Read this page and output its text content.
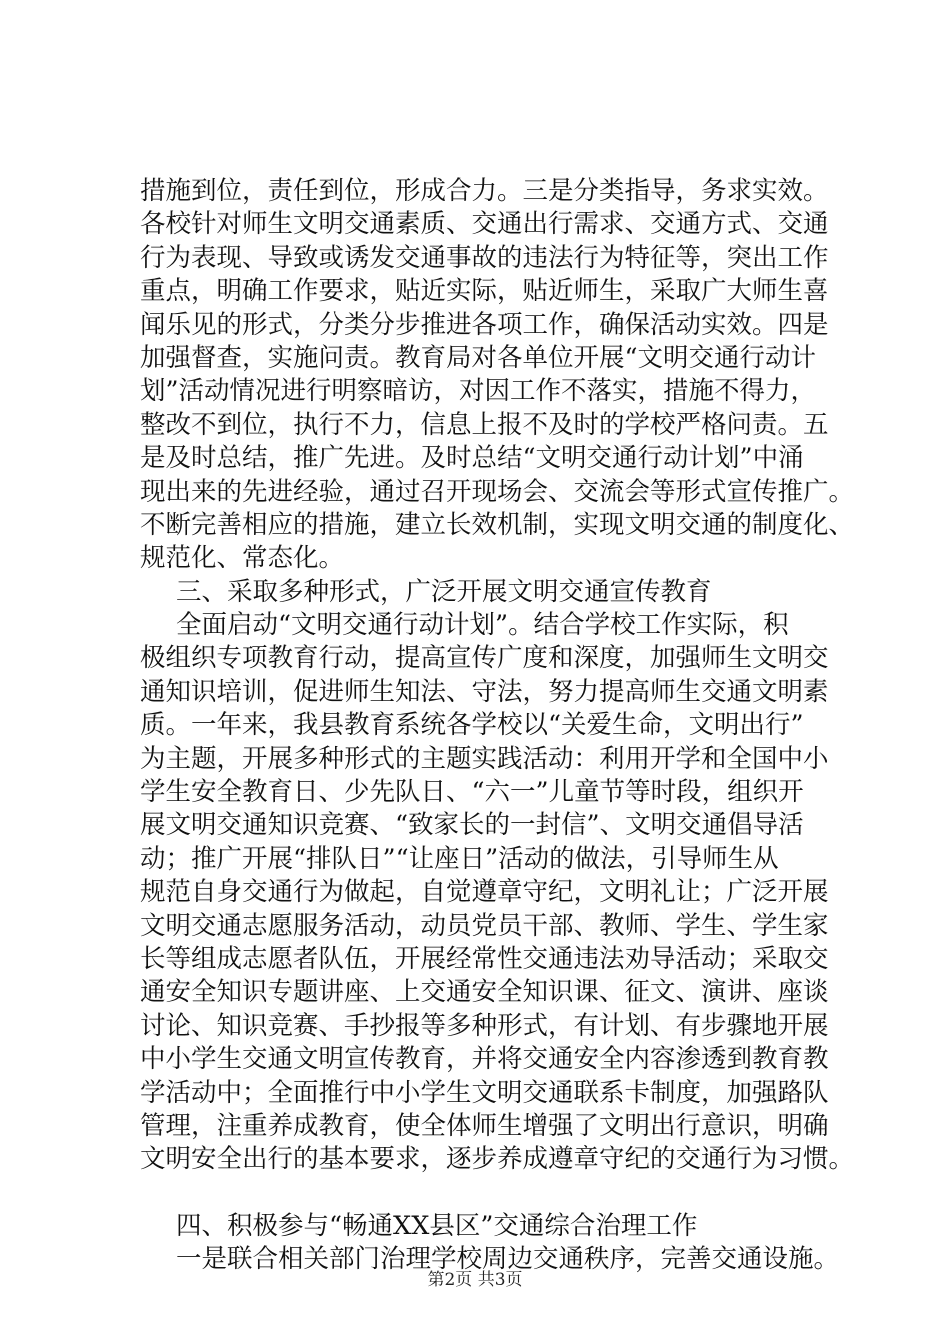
措施到位，责任到位，形成合力。三是分类指导，务求实效。
各校针对师生文明交通素质、交通出行需求、交通方式、交通
行为表现、导致或诱发交通事故的违法行为特征等，突出工作
重点，明确工作要求，贴近实际，贴近师生，采取广大师生喜
闻乐见的形式，分类分步推进各项工作，确保活动实效。四是
加强督查，实施问责。教育局对各单位开展“文明交通行动计
划”活动情况进行明察暗访，对因工作不落实，措施不得力，
整改不到位，执行不力，信息上报不及时的学校严格问责。五
是及时总结，推广先进。及时总结“文明交通行动计划”中涌
现出来的先进经验，通过召开现场会、交流会等形式宣传推广。
不断完善相应的措施，建立长效机制，实现文明交通的制度化、
规范化、常态化。
三、采取多种形式，广泛开展文明交通宣传教育
全面启动“文明交通行动计划”。结合学校工作实际，积
极组织专项教育行动，提高宣传广度和深度，加强师生文明交
通知识培训，促进师生知法、守法，努力提高师生交通文明素
质。一年来，我县教育系统各学校以“关爱生命，文明出行”
为主题，开展多种形式的主题实践活动：利用开学和全国中小
学生安全教育日、少先队日、“六一”儿童节等时段，组织开
展文明交通知识竞赛、“致家长的一封信”、文明交通倡导活
动；推广开展“排队日”“让座日”活动的做法，引导师生从
规范自身交通行为做起，自觉遵章守纪，文明礼让；广泛开展
文明交通志愿服务活动，动员党员干部、教师、学生、学生家
长等组成志愿者队伍，开展经常性交通违法劝导活动；采取交
通安全知识专题讲座、上交通安全知识课、征文、演讲、座谈
讨论、知识竞赛、手抄报等多种形式，有计划、有步骤地开展
中小学生交通文明宣传教育，并将交通安全内容渗透到教育教
学活动中；全面推行中小学生文明交通联系卡制度，加强路队
管理，注重养成教育，使全体师生增强了文明出行意识，明确
文明安全出行的基本要求，逐步养成遵章守纪的交通行为习惯。
四、积极参与“畅通XX县区”交通综合治理工作
一是联合相关部门治理学校周边交通秩序，完善交通设施。
第2页 共3页
